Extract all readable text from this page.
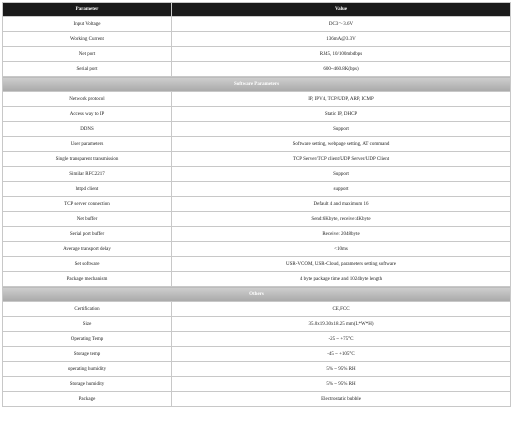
Parameter	Value
Input Voltage	DC3～3.6V
Working Current	136mA@3.3V
Net port	RJ45, 10/100mbdbps
Serial port	600~460.8K(bps)
Software Parameters	
Network protocol	IP, IPV4, TCP/UDP, ARP, ICMP
Access way to IP	Static IP, DHCP
DDNS	Support
User parameters	Software setting, webpage setting, AT command
Single transparent transmission	TCP Server/TCP client/UDP Server/UDP Client
Similar RFC2217	Support
httpd client	support
TCP server connection	Default 4 and maximum 16
Net buffer	Send:6Kbyte, receive:4Kbyte
Serial port buffer	Receive: 2048byte
Average transport delay	<10ms
Set software	USR-VCOM, USR-Cloud, parameters setting software
Package mechanism	4 byte package time and 1024byte length
Others	
Certification	CE,FCC
Size	35.0x19.30x18.25 mm(L*W*H)
Operating Temp	-25 ~ +75°C
Storage temp	-45 ~ +105°C
operating humidity	5% ~ 95% RH
Storage humidity	5% ~ 95% RH
Package	Electrostatic bubble
